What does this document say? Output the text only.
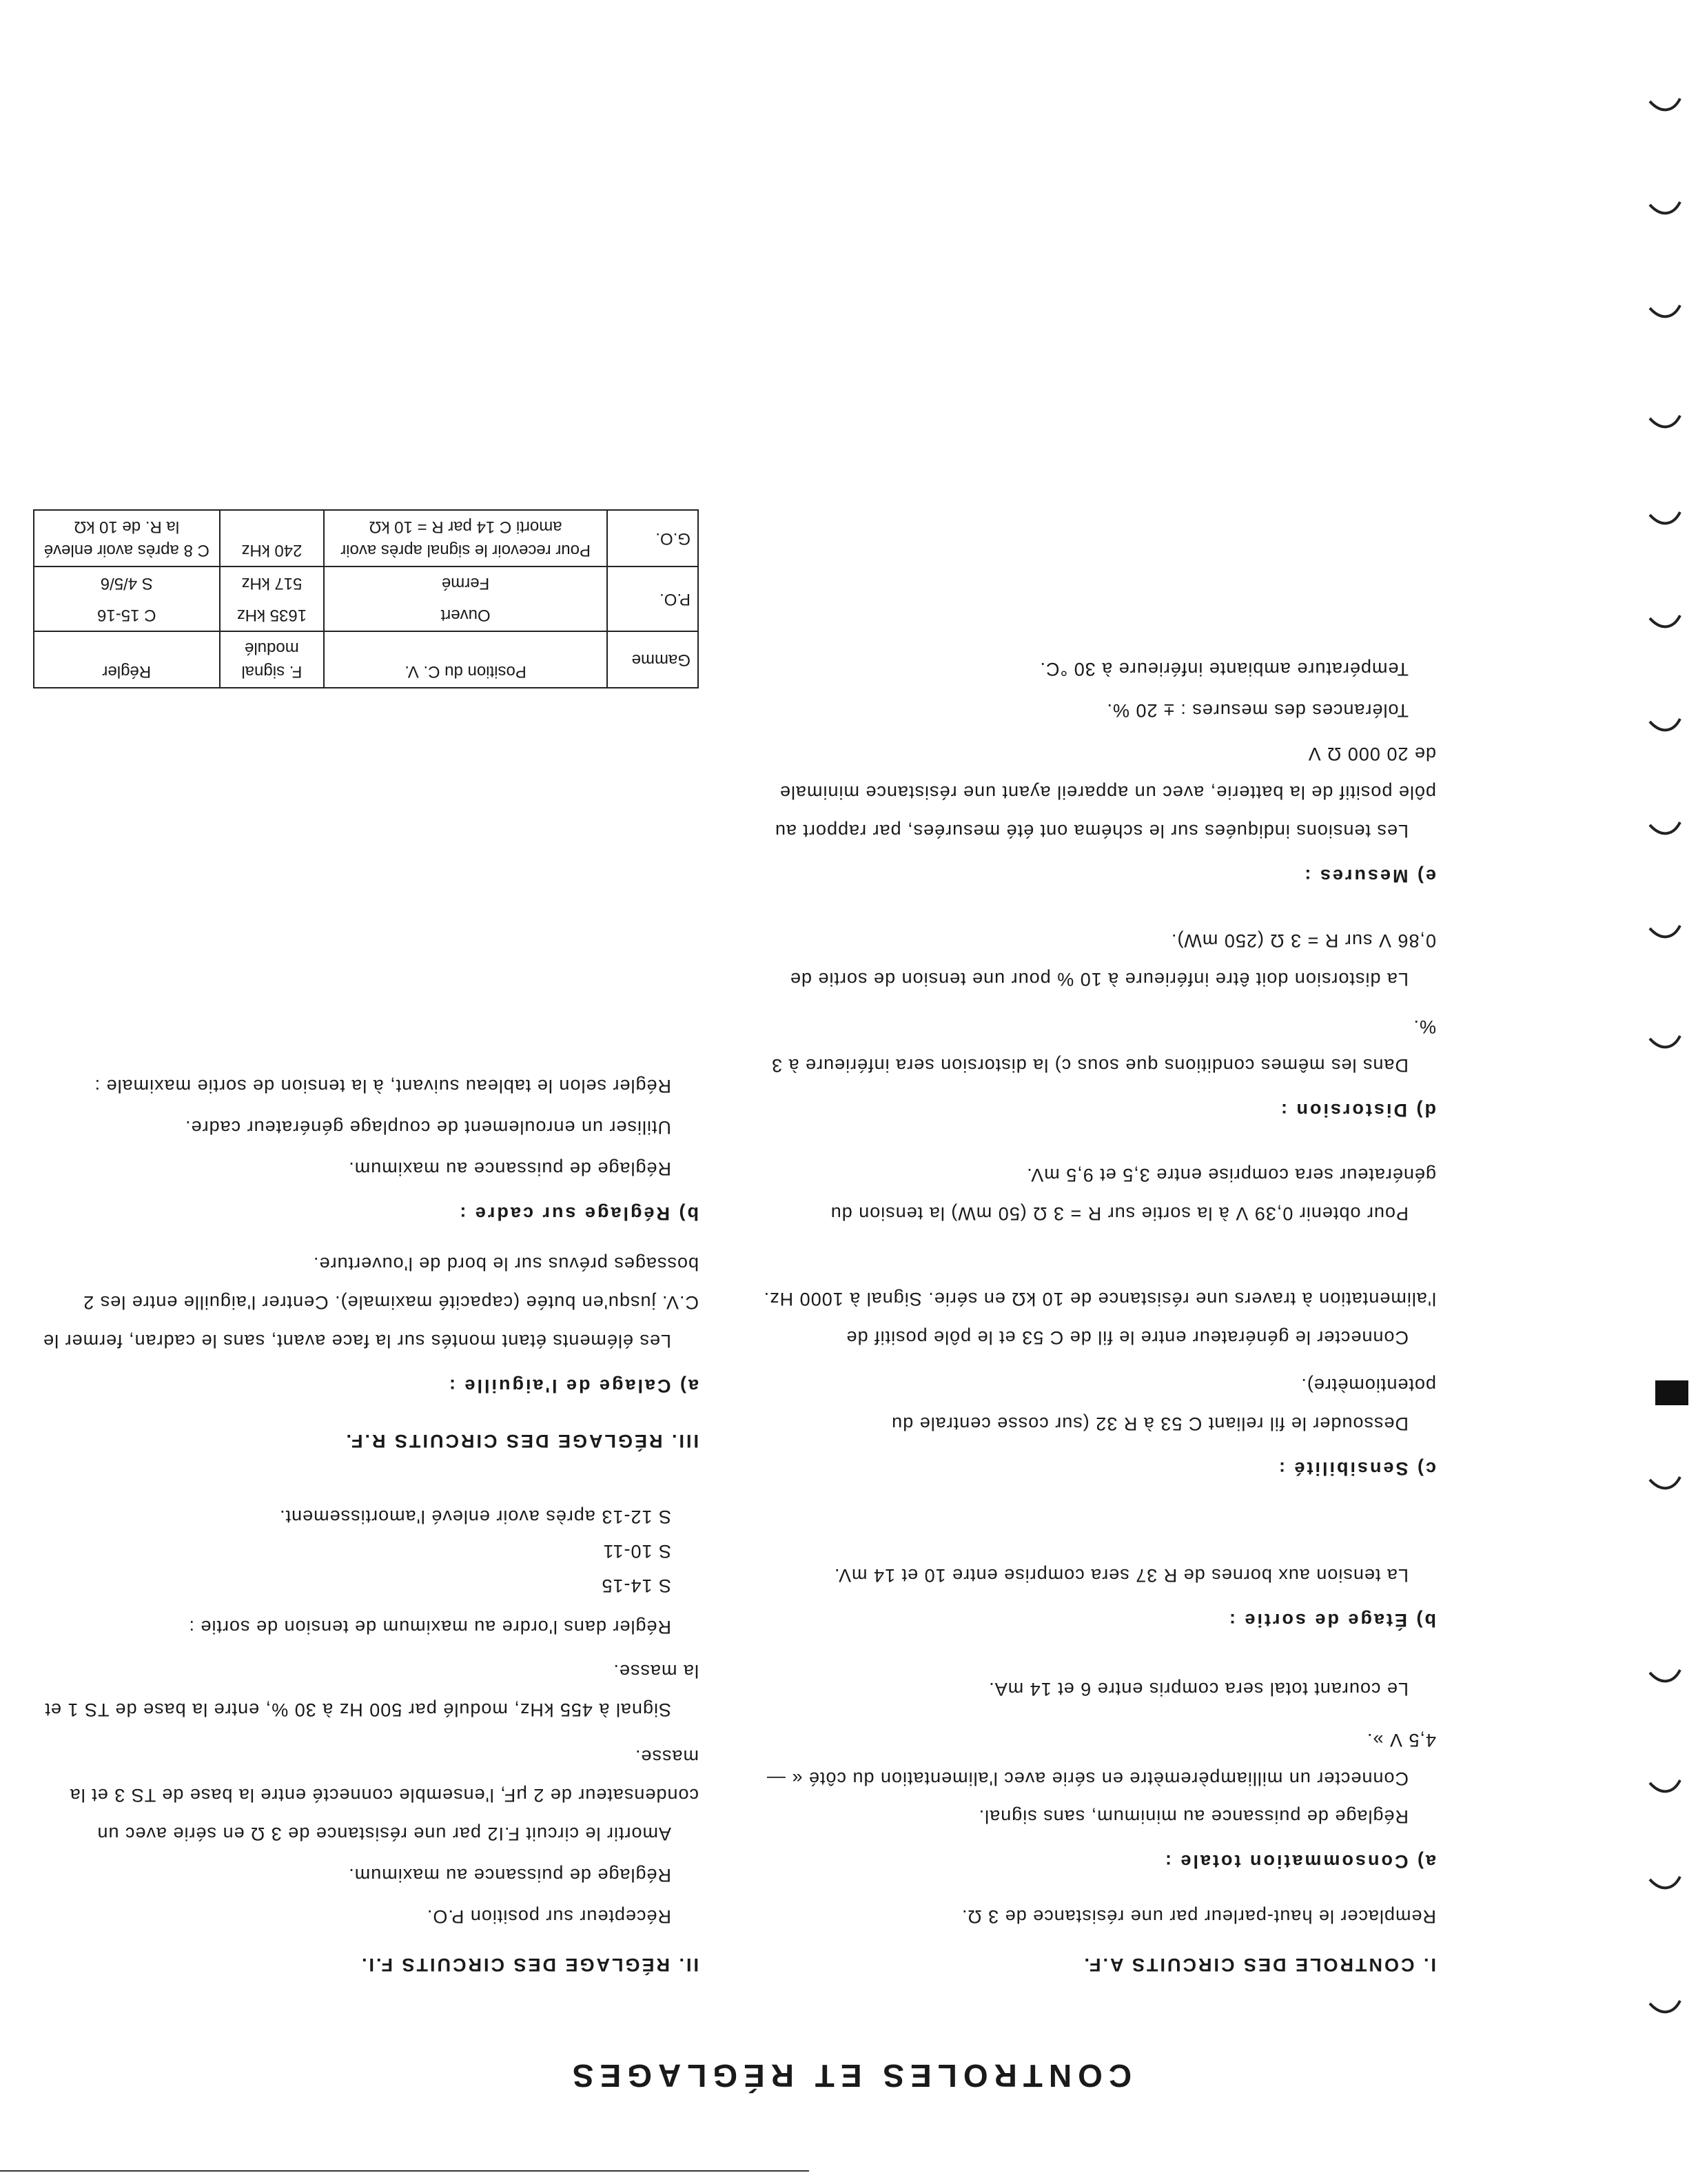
CONTROLES ET RÉGLAGES
I. CONTROLE DES CIRCUITS A.F.
Remplacer le haut-parleur par une résistance de 3 Ω.
a) Consommation totale :
Réglage de puissance au minimum, sans signal.
Connecter un milliampèremètre en série avec l'alimentation du côté « — 4,5 V ».
Le courant total sera compris entre 6 et 14 mA.
b) Étage de sortie :
La tension aux bornes de R 37 sera comprise entre 10 et 14 mV.
c) Sensibilité :
Dessouder le fil reliant C 53 à R 32 (sur cosse centrale du potentiomètre).
Connecter le générateur entre le fil de C 53 et le pôle positif de l'alimentation à travers une résistance de 10 kΩ en série. Signal à 1000 Hz.
Pour obtenir 0,39 V à la sortie sur R = 3 Ω (50 mW) la tension du générateur sera comprise entre 3,5 et 9,5 mV.
d) Distorsion :
Dans les mêmes conditions que sous c) la distorsion sera inférieure à 3 %.
La distorsion doit être inférieure à 10 % pour une tension de sortie de 0,86 V sur R = 3 Ω (250 mW).
e) Mesures :
Les tensions indiquées sur le schéma ont été mesurées, par rapport au pôle positif de la batterie, avec un appareil ayant une résistance minimale de 20 000 Ω V
Tolérances des mesures : ± 20 %.
Température ambiante inférieure à 30 °C.
II. RÉGLAGE DES CIRCUITS F.I.
Récepteur sur position P.O.
Réglage de puissance au maximum.
Amortir le circuit F.I2 par une résistance de 3 Ω en série avec un condensateur de 2 μF, l'ensemble connecté entre la base de TS 3 et la masse.
Signal à 455 kHz, modulé par 500 Hz à 30 %, entre la base de TS 1 et la masse.
Régler dans l'ordre au maximum de tension de sortie :
S 14-15
S 10-11
S 12-13 après avoir enlevé l'amortissement.
III. RÉGLAGE DES CIRCUITS R.F.
a) Calage de l'aiguille :
Les éléments étant montés sur la face avant, sans le cadran, fermer le C.V. jusqu'en butée (capacité maximale). Centrer l'aiguille entre les 2 bossages prévus sur le bord de l'ouverture.
b) Réglage sur cadre :
Réglage de puissance au maximum.
Utiliser un enroulement de couplage générateur cadre.
Régler selon le tableau suivant, à la tension de sortie maximale :
Gamme	Position du C. V.	F. signal modulé	Régler
P.O.	Ouvert	1635 kHz	C 15-16
	Fermé	517 kHz	S 4/5/6
G.O.	Pour recevoir le signal après avoir amorti C 14 par R = 10 kΩ	240 kHz	C 8 après avoir enlevé la R. de 10 kΩ
